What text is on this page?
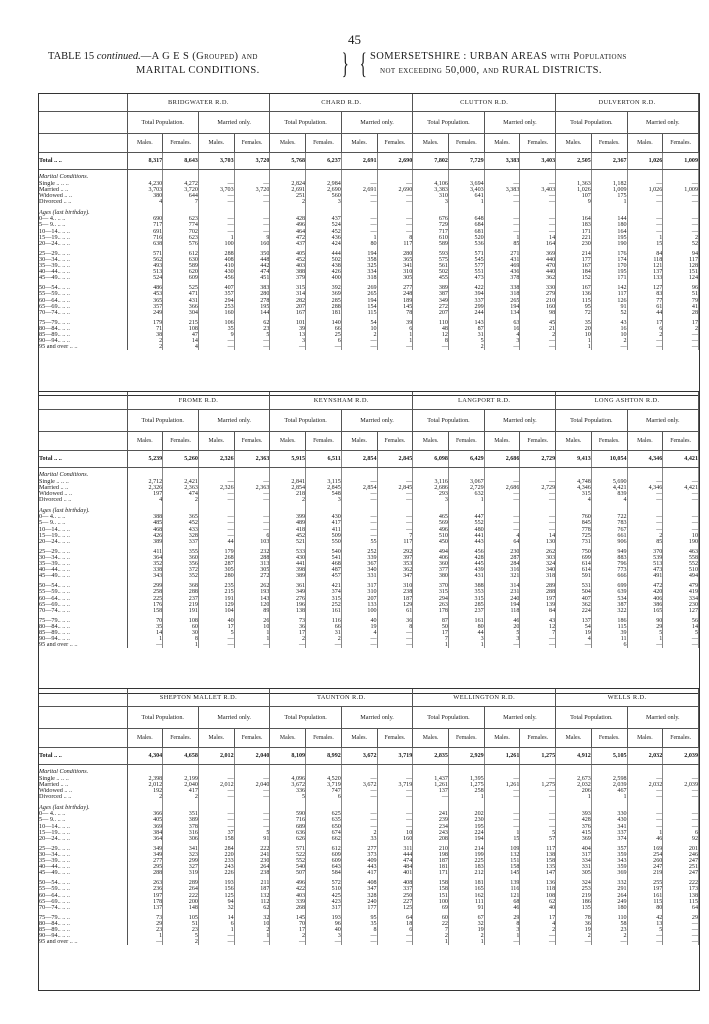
45
TABLE 15 continued.—A G E S (Grouped) and
MARITAL CONDITIONS.	} { SOMERSETSHIRE : URBAN AREAS with Populations
not exceeding 50,000, and RURAL DISTRICTS.
	BRIDGWATER R.D.				CHARD R.D.				CLUTTON R.D.				DULVERTON R.D.			
	Total Population.		Married only.		Total Population.		Married only.		Total Population.		Married only.		Total Population.		Married only.	
	Males.	Females.	Males.	Females.	Males.	Females.	Males.	Females.	Males.	Females.	Males.	Females.	Males.	Females.	Males.	Females.
Total .. ..	8,317	8,643	3,703	3,720	5,768	6,237	2,691	2,690	7,802	7,729	3,383	3,403	2,505	2,367	1,026	1,009

Marital Conditions.																
Single .. .. ..	4,230	4,272	—	—	2,824	2,984	—	—	4,106	3,694	—	—	1,363	1,182	—	—
Married .. ..	3,703	3,720	3,703	3,720	2,691	2,690	2,691	2,690	3,383	3,403	3,383	3,403	1,026	1,009	1,026	1,009
Widowed .. ..	380	644	—	—	251	560	—	—	310	641	—	—	107	175	—	—
Divorced .. ..	4	7	—	—	2	3	—	—	3	1	—	—	9	1	—	—

Ages (last birthday).																
0— 4.. .. ..	690	623	—	—	428	437	—	—	676	648	—	—	164	144	—	—
5— 9.. .. ..	717	774	—	—	496	524	—	—	729	684	—	—	183	180	—	—
10—14.. .. ..	691	702	—	—	464	452	—	—	717	681	—	—	171	164	—	—
15—19.. .. ..	716	623	1	9	472	436	1	8	610	520	1	14	221	195	1	2
20—24.. .. ..	638	576	100	160	437	424	80	117	589	536	85	164	230	190	15	52

25—29.. .. ..	571	612	288	350	405	444	194	280	593	571	271	369	214	176	84	94
30—34.. .. ..	562	630	408	448	452	502	358	365	575	545	431	440	177	174	118	117
35—39.. .. ..	493	589	410	442	403	438	325	341	561	577	469	470	167	170	121	128
40—44.. .. ..	513	620	430	474	388	426	334	310	502	551	436	440	184	195	137	151
45—49.. .. ..	524	609	456	451	379	400	318	305	455	473	378	362	152	171	133	124

50—54.. .. ..	486	525	407	383	315	392	269	277	389	422	338	330	167	142	127	96
55—59.. .. ..	453	471	357	280	314	369	265	248	387	394	318	279	136	117	83	51
60—64.. .. ..	365	431	294	278	282	285	194	189	349	337	265	210	115	126	77	79
65—69.. .. ..	357	366	253	195	207	288	154	145	272	299	194	160	95	91	61	41
70—74.. .. ..	249	304	160	144	167	181	115	78	207	244	134	98	72	52	44	28

75—79.. .. ..	179	215	106	62	101	140	54	39	110	143	63	45	35	43	17	17
80—84.. .. ..	71	108	35	23	39	66	10	6	48	87	16	21	20	16	6	2
85—89.. .. ..	38	47	9	5	13	25	2	1	12	31	4	2	10	10	2	—
90—94.. .. ..	2	14	—	—	3	6	—	1	8	5	3	—	1	2	—	—
95 and over .. ..	2	4	—	—	—	—	—	—	—	2	—	—	1	—	—	—
	FROME R.D.				KEYNSHAM R.D.				LANGPORT R.D.				LONG ASHTON R.D.			
	Total Population.		Married only.		Total Population.		Married only.		Total Population.		Married only.		Total Population.		Married only.	
	Males.	Females.	Males.	Females.	Males.	Females.	Males.	Females.	Males.	Females.	Males.	Females.	Males.	Females.	Males.	Females.
Total .. ..	5,239	5,260	2,326	2,363	5,915	6,511	2,854	2,845	6,098	6,429	2,686	2,729	9,413	10,054	4,346	4,421

Marital Conditions.																
Single .. .. ..	2,712	2,421	—	—	2,841	3,115	—	—	3,116	3,067	—	—	4,748	5,690	—	—
Married .. ..	2,326	2,363	2,326	2,363	2,854	2,845	2,854	2,845	2,686	2,729	2,686	2,729	4,346	4,421	4,346	4,421
Widowed .. ..	197	474	—	—	218	548	—	—	293	632	—	—	315	839	—	—
Divorced .. ..	4	2	—	—	2	3	—	—	3	1	—	—	4	4	—	—

Ages (last birthday).																
0— 4.. .. ..	388	365	—	—	399	430	—	—	465	447	—	—	760	722	—	—
5— 9.. .. ..	485	452	—	—	489	417	—	—	569	552	—	—	845	783	—	—
10—14.. .. ..	468	433	—	—	418	411	—	—	496	480	—	—	778	767	—	—
15—19.. .. ..	426	328	—	6	452	509	—	7	510	441	4	14	725	661	2	10
20—24.. .. ..	389	337	44	103	521	550	55	117	450	443	64	130	731	906	85	190

25—29.. .. ..	411	355	179	232	533	540	252	292	494	456	230	262	750	949	370	463
30—34.. .. ..	364	360	268	288	430	541	339	397	406	428	287	303	699	883	539	558
35—39.. .. ..	352	356	287	313	441	468	367	353	360	445	284	324	614	796	513	552
40—44.. .. ..	338	372	305	305	398	487	340	362	377	439	316	340	614	773	473	510
45—49.. .. ..	343	352	280	272	389	457	331	347	380	431	321	318	591	666	491	494

50—54.. .. ..	299	368	235	262	361	421	317	310	370	388	314	289	531	699	472	479
55—59.. .. ..	258	288	215	193	349	374	310	238	315	353	231	288	504	639	420	419
60—64.. .. ..	225	237	191	143	276	315	207	187	294	315	240	197	407	534	406	334
65—69.. .. ..	176	219	129	120	196	252	133	129	263	285	194	139	362	387	386	230
70—74.. .. ..	158	191	104	89	138	161	100	61	178	237	118	84	224	322	165	127

75—79.. .. ..	70	108	40	26	73	116	40	36	87	161	46	43	137	186	90	56
80—84.. .. ..	35	60	17	10	36	66	19	8	50	80	20	12	54	115	29	14
85—89.. .. ..	14	30	5	1	17	31	4	—	17	44	5	7	19	39	5	5
90—94.. .. ..	1	8	—	1	2	2	—	—	7	3	3	—	4	11	1	—
95 and over .. ..	—	1	—	—	—	—	—	—	1	1	—	—	—	6	—	—
	SHEPTON MALLET R.D.				TAUNTON R.D.				WELLINGTON R.D.				WELLS R.D.			
	Total Population.		Married only.		Total Population.		Married only.		Total Population.		Married only.		Total Population.		Married only.	
	Males.	Females.	Males.	Females.	Males.	Females.	Males.	Females.	Males.	Females.	Males.	Females.	Males.	Females.	Males.	Females.
Total .. ..	4,304	4,658	2,012	2,040	8,109	8,992	3,672	3,719	2,835	2,929	1,261	1,275	4,912	5,105	2,032	2,039

Marital Conditions.																
Single .. .. ..	2,398	2,199	—	—	4,096	4,520	—	—	1,437	1,395	—	—	2,673	2,598	—	—
Married .. ..	2,012	2,040	2,012	2,040	3,672	3,719	3,672	3,719	1,261	1,275	1,261	1,275	2,032	2,039	2,032	2,039
Widowed .. ..	192	417	—	—	336	747	—	—	137	258	—	—	206	467	—	—
Divorced .. ..	2	2	—	—	5	6	—	—	—	1	—	—	1	1	—	—

Ages (last birthday).																
0— 4.. .. ..	366	351	—	—	590	625	—	—	241	202	—	—	393	330	—	—
5— 9.. .. ..	405	389	—	—	716	635	—	—	239	230	—	—	428	430	—	—
10—14.. .. ..	369	378	—	—	689	650	—	—	234	195	—	—	376	341	—	—
15—19.. .. ..	384	316	37	5	636	674	2	10	243	224	1	5	415	337	1	6
20—24.. .. ..	364	306	158	91	626	662	33	160	208	194	15	57	369	374	46	92

25—29.. .. ..	349	341	284	222	571	612	277	311	210	214	109	117	404	357	169	201
30—34.. .. ..	349	323	220	241	522	609	373	444	198	199	132	138	317	359	254	246
35—39.. .. ..	277	299	233	230	552	609	409	474	187	225	151	158	334	343	260	247
40—44.. .. ..	295	327	243	264	540	643	443	484	181	183	158	135	331	359	247	251
45—49.. .. ..	288	319	226	238	507	584	417	401	171	212	145	147	305	369	219	247

50—54.. .. ..	263	289	193	211	496	572	408	408	158	181	139	136	324	332	255	222
55—59.. .. ..	236	264	156	187	422	510	347	337	158	165	116	118	253	291	197	173
60—64.. .. ..	197	222	125	132	403	425	328	250	151	162	121	108	219	264	161	138
65—69.. .. ..	178	200	94	112	339	423	240	227	100	111	68	62	186	249	115	115
70—74.. .. ..	137	148	32	62	268	317	177	125	69	91	46	40	135	180	80	64

75—79.. .. ..	73	105	14	32	145	193	95	64	60	67	29	17	78	110	42	29
80—84.. .. ..	29	51	6	10	70	96	35	18	22	32	8	4	36	58	13	—
85—89.. .. ..	23	23	1	2	17	40	8	6	7	19	3	2	19	23	5	—
90—94.. .. ..	1	5	—	1	2	3	—	—	2	2	1	—	2	2	—	—
95 and over .. ..	—	2	—	—	—	—	—	—	1	1	—	—	—	—	—	—
